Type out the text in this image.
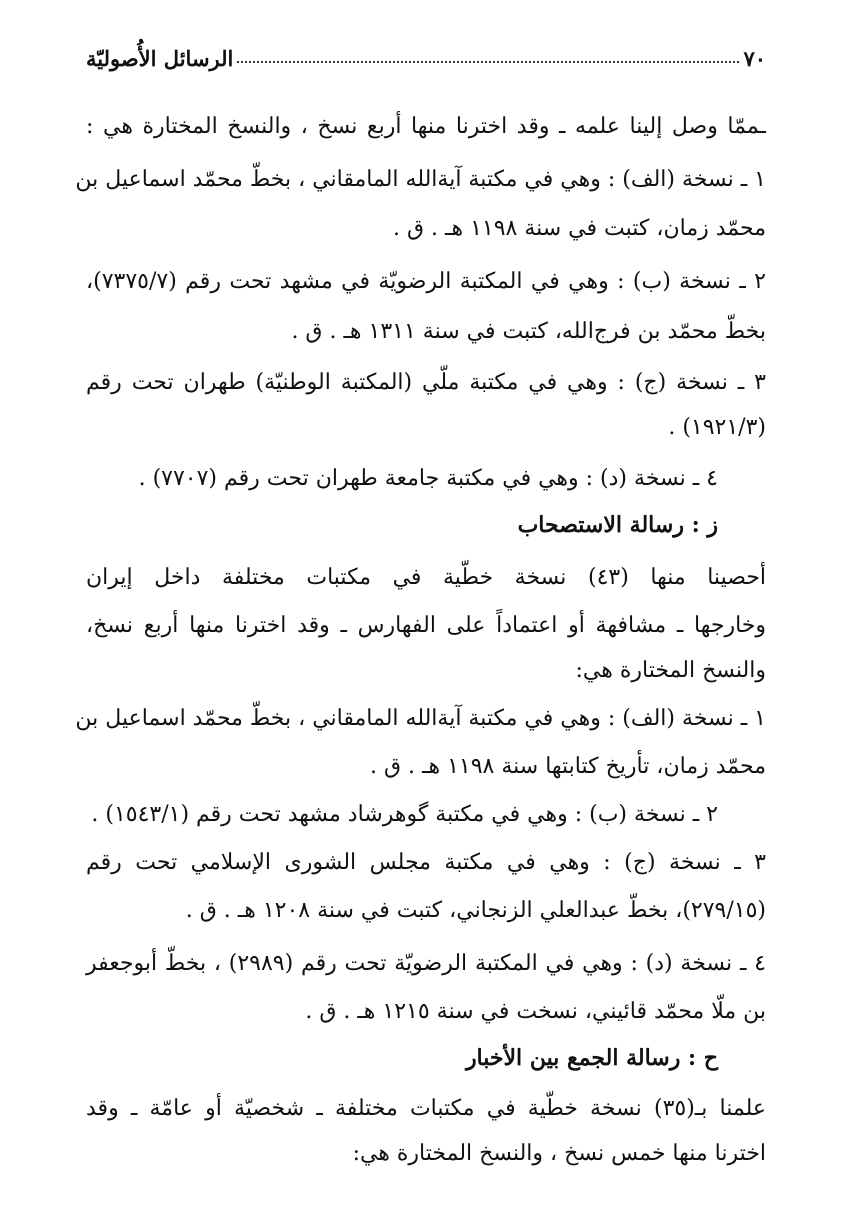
٧٠
الرسائل الأُصوليّة
ـممّا وصل إلينا علمه ـ وقد اخترنا منها أربع نسخ ، والنسخ المختارة هي :
١ ـ نسخة (الف) : وهي في مكتبة آيةالله المامقاني ، بخطّ محمّد اسماعيل بن
محمّد زمان، كتبت في سنة ١١٩٨ هـ . ق .
٢ ـ نسخة (ب) : وهي في المكتبة الرضويّة في مشهد تحت رقم (٧٣٧٥/٧)،
بخطّ محمّد بن فرج‌الله، كتبت في سنة ١٣١١ هـ . ق .
٣ ـ نسخة (ج) : وهي في مكتبة ملّي (المكتبة الوطنيّة) طهران تحت رقم
(١٩٢١/٣) .
٤ ـ نسخة (د) : وهي في مكتبة جامعة طهران تحت رقم (٧٧٠٧) .
ز : رسالة الاستصحاب
أحصينا منها (٤٣) نسخة خطّية في مكتبات مختلفة داخل إيران
وخارجها ـ مشافهة أو اعتماداً على الفهارس ـ وقد اخترنا منها أربع نسخ،
والنسخ المختارة هي:
١ ـ نسخة (الف) : وهي في مكتبة آيةالله المامقاني ، بخطّ محمّد اسماعيل بن
محمّد زمان، تأريخ كتابتها سنة ١١٩٨ هـ . ق .
٢ ـ نسخة (ب) : وهي في مكتبة گوهرشاد مشهد تحت رقم (١٥٤٣/١) .
٣ ـ نسخة (ج) : وهي في مكتبة مجلس الشورى الإسلامي تحت رقم
(٢٧٩/١٥)، بخطّ عبدالعلي الزنجاني، كتبت في سنة ١٢٠٨ هـ . ق .
٤ ـ نسخة (د) : وهي في المكتبة الرضويّة تحت رقم (٢٩٨٩) ، بخطّ أبوجعفر
بن ملّا محمّد قائيني، نسخت في سنة ١٢١٥ هـ . ق .
ح : رسالة الجمع بين الأخبار
علمنا بـ(٣٥) نسخة خطّية في مكتبات مختلفة ـ شخصيّة أو عامّة ـ وقد
اخترنا منها خمس نسخ ، والنسخ المختارة هي:
